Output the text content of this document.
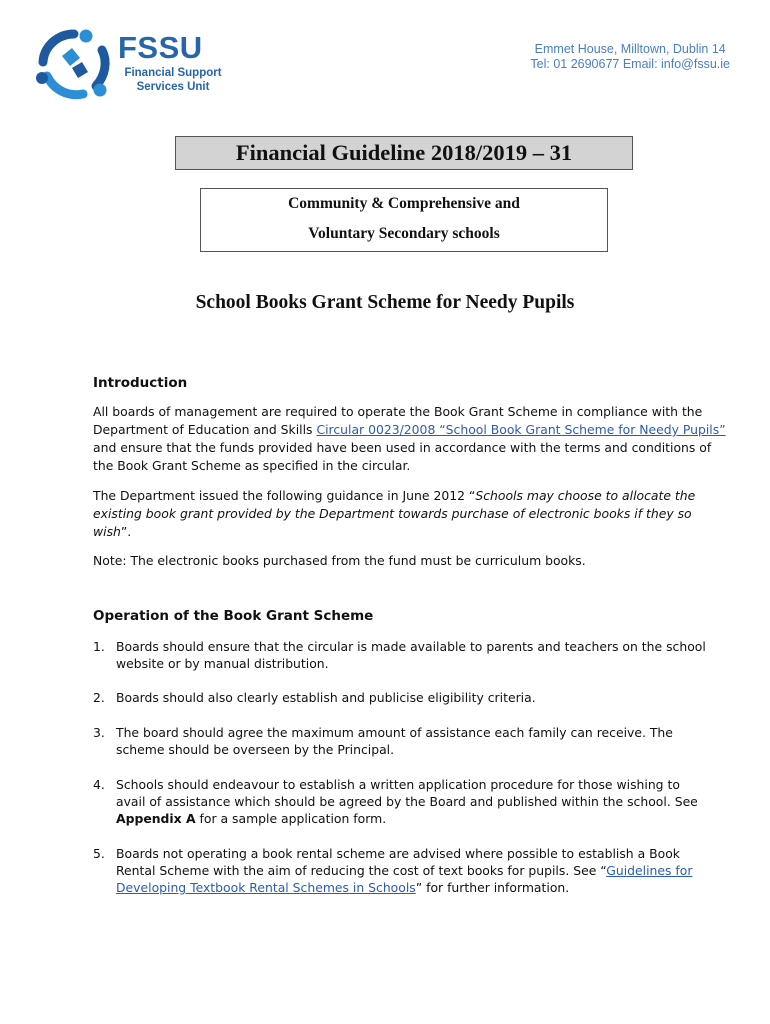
FSSU
Financial Support Services Unit
Emmet House, Milltown, Dublin 14
Tel: 01 2690677 Email: info@fssu.ie
Financial Guideline 2018/2019 – 31
Community & Comprehensive and
Voluntary Secondary schools
School Books Grant Scheme for Needy Pupils
Introduction

All boards of management are required to operate the Book Grant Scheme in compliance with the Department of Education and Skills Circular 0023/2008 “School Book Grant Scheme for Needy Pupils” and ensure that the funds provided have been used in accordance with the terms and conditions of the Book Grant Scheme as specified in the circular.

The Department issued the following guidance in June 2012 “Schools may choose to allocate the existing book grant provided by the Department towards purchase of electronic books if they so wish”.

Note: The electronic books purchased from the fund must be curriculum books.

Operation of the Book Grant Scheme
1. Boards should ensure that the circular is made available to parents and teachers on the school website or by manual distribution.
2. Boards should also clearly establish and publicise eligibility criteria.
3. The board should agree the maximum amount of assistance each family can receive. The scheme should be overseen by the Principal.
4. Schools should endeavour to establish a written application procedure for those wishing to avail of assistance which should be agreed by the Board and published within the school. See Appendix A for a sample application form.
5. Boards not operating a book rental scheme are advised where possible to establish a Book Rental Scheme with the aim of reducing the cost of text books for pupils. See “Guidelines for Developing Textbook Rental Schemes in Schools” for further information.
